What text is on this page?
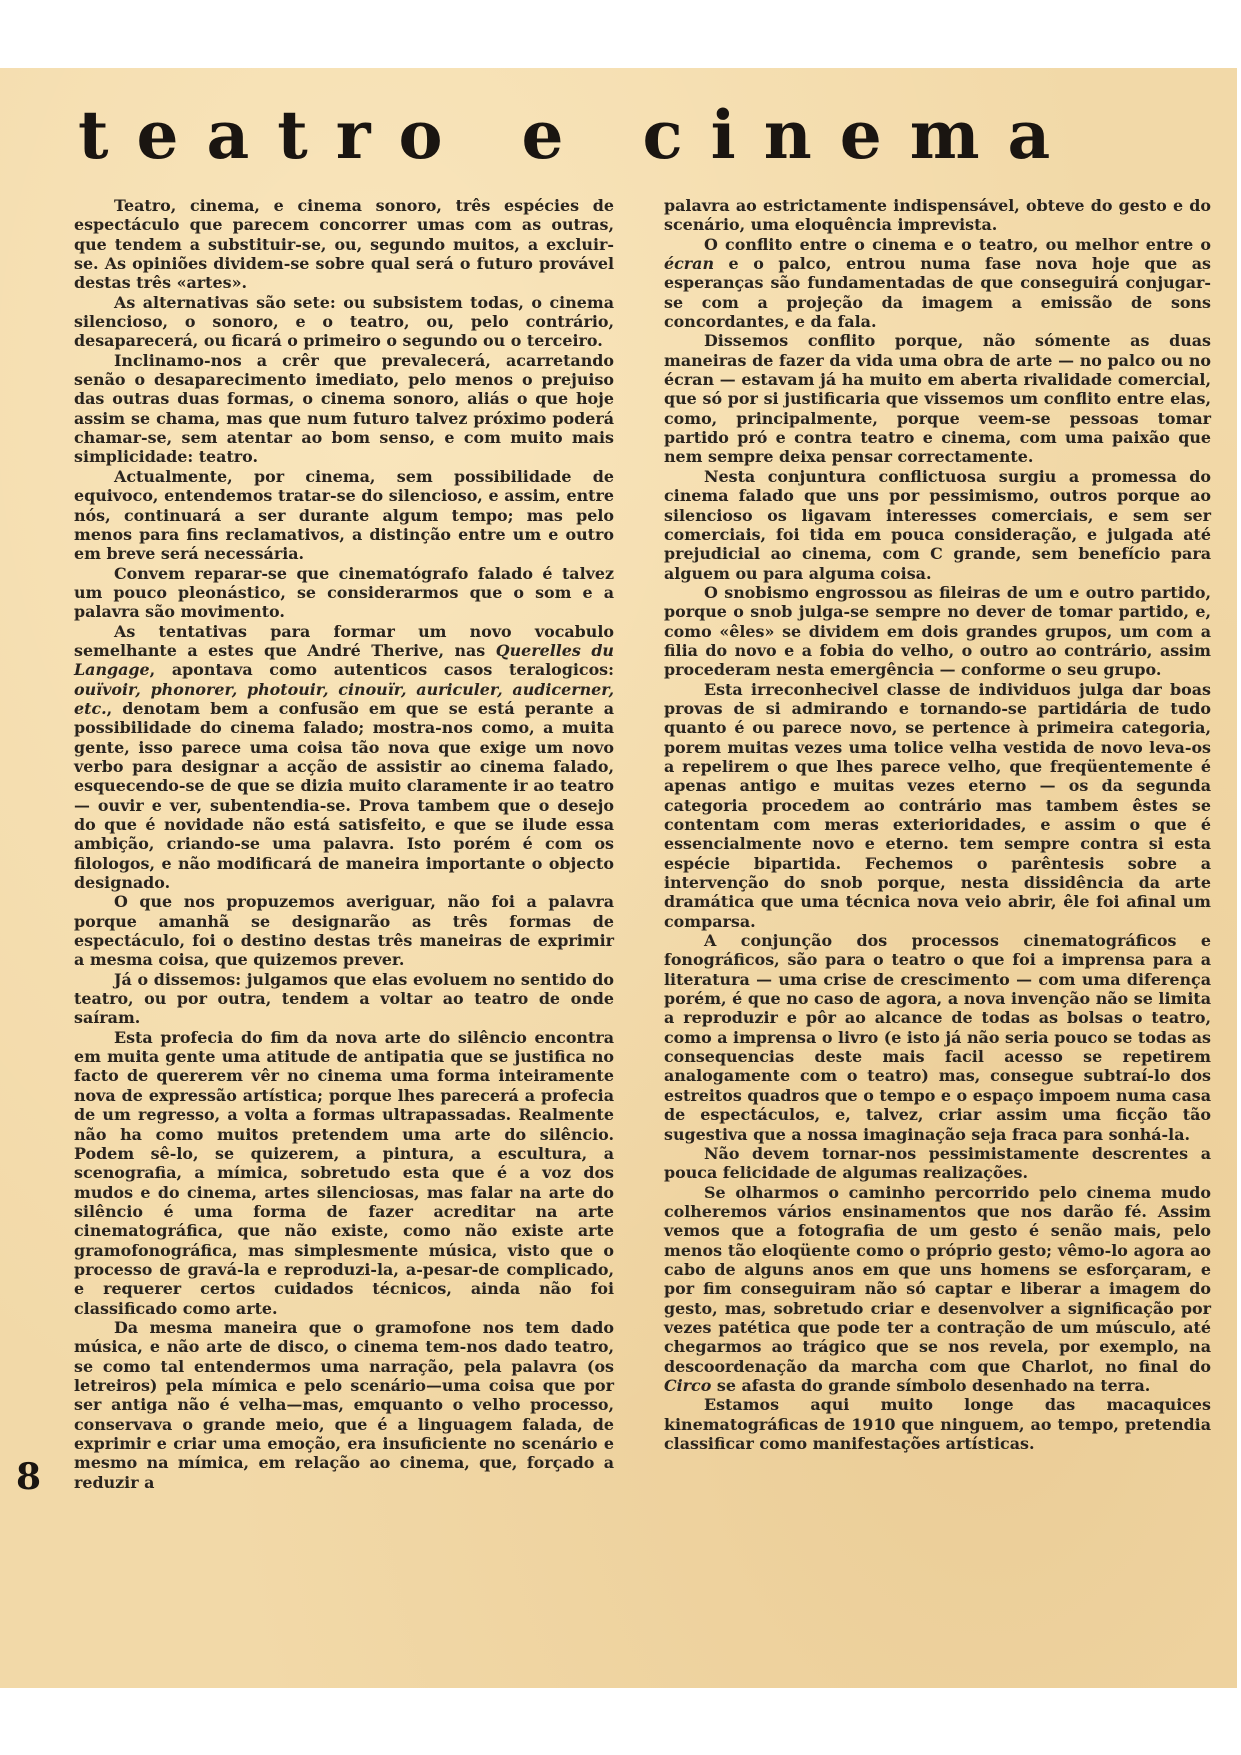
teatro e cinema

Teatro, cinema, e cinema sonoro, três espécies de espectáculo que parecem concorrer umas com as outras, que tendem a substituir-se, ou, segundo muitos, a excluir-se. As opiniões dividem-se sobre qual será o futuro provável destas três «artes».

As alternativas são sete: ou subsistem todas, o cinema silencioso, o sonoro, e o teatro, ou, pelo contrário, desaparecerá, ou ficará o primeiro o segundo ou o terceiro.

Inclinamo-nos a crêr que prevalecerá, acarretando senão o desaparecimento imediato, pelo menos o prejuiso das outras duas formas, o cinema sonoro, aliás o que hoje assim se chama, mas que num futuro talvez próximo poderá chamar-se, sem atentar ao bom senso, e com muito mais simplicidade: teatro.

Actualmente, por cinema, sem possibilidade de equivoco, entendemos tratar-se do silencioso, e assim, entre nós, continuará a ser durante algum tempo; mas pelo menos para fins reclamativos, a distinção entre um e outro em breve será necessária.

Convem reparar-se que cinematógrafo falado é talvez um pouco pleonástico, se considerarmos que o som e a palavra são movimento.

As tentativas para formar um novo vocabulo semelhante a estes que André Therive, nas Querelles du Langage, apontava como autenticos casos teralogicos: ouïvoir, phonorer, photouir, cinouïr, auriculer, audicerner, etc., denotam bem a confusão em que se está perante a possibilidade do cinema falado; mostra-nos como, a muita gente, isso parece uma coisa tão nova que exige um novo verbo para designar a acção de assistir ao cinema falado, esquecendo-se de que se dizia muito claramente ir ao teatro — ouvir e ver, subentendia-se. Prova tambem que o desejo do que é novidade não está satisfeito, e que se ilude essa ambição, criando-se uma palavra. Isto porém é com os filologos, e não modificará de maneira importante o objecto designado.

O que nos propuzemos averiguar, não foi a palavra porque amanhã se designarão as três formas de espectáculo, foi o destino destas três maneiras de exprimir a mesma coisa, que quizemos prever.

Já o dissemos: julgamos que elas evoluem no sentido do teatro, ou por outra, tendem a voltar ao teatro de onde saíram.

Esta profecia do fim da nova arte do silêncio encontra em muita gente uma atitude de antipatia que se justifica no facto de quererem vêr no cinema uma forma inteiramente nova de expressão artística; porque lhes parecerá a profecia de um regresso, a volta a formas ultrapassadas. Realmente não ha como muitos pretendem uma arte do silêncio. Podem sê-lo, se quizerem, a pintura, a escultura, a scenografia, a mímica, sobretudo esta que é a voz dos mudos e do cinema, artes silenciosas, mas falar na arte do silêncio é uma forma de fazer acreditar na arte cinematográfica, que não existe, como não existe arte gramofonográfica, mas simplesmente música, visto que o processo de gravá-la e reproduzi-la, a-pesar-de complicado, e requerer certos cuidados técnicos, ainda não foi classificado como arte.

Da mesma maneira que o gramofone nos tem dado música, e não arte de disco, o cinema tem-nos dado teatro, se como tal entendermos uma narração, pela palavra (os letreiros) pela mímica e pelo scenário—uma coisa que por ser antiga não é velha—mas, emquanto o velho processo, conservava o grande meio, que é a linguagem falada, de exprimir e criar uma emoção, era insuficiente no scenário e mesmo na mímica, em relação ao cinema, que, forçado a reduzir a

palavra ao estrictamente indispensável, obteve do gesto e do scenário, uma eloquência imprevista.

O conflito entre o cinema e o teatro, ou melhor entre o écran e o palco, entrou numa fase nova hoje que as esperanças são fundamentadas de que conseguirá conjugar-se com a projeção da imagem a emissão de sons concordantes, e da fala.

Dissemos conflito porque, não sómente as duas maneiras de fazer da vida uma obra de arte — no palco ou no écran — estavam já ha muito em aberta rivalidade comercial, que só por si justificaria que vissemos um conflito entre elas, como, principalmente, porque veem-se pessoas tomar partido pró e contra teatro e cinema, com uma paixão que nem sempre deixa pensar correctamente.

Nesta conjuntura conflictuosa surgiu a promessa do cinema falado que uns por pessimismo, outros porque ao silencioso os ligavam interesses comerciais, e sem ser comerciais, foi tida em pouca consideração, e julgada até prejudicial ao cinema, com C grande, sem benefício para alguem ou para alguma coisa.

O snobismo engrossou as fileiras de um e outro partido, porque o snob julga-se sempre no dever de tomar partido, e, como «êles» se dividem em dois grandes grupos, um com a filia do novo e a fobia do velho, o outro ao contrário, assim procederam nesta emergência — conforme o seu grupo.

Esta irreconhecivel classe de individuos julga dar boas provas de si admirando e tornando-se partidária de tudo quanto é ou parece novo, se pertence à primeira categoria, porem muitas vezes uma tolice velha vestida de novo leva-os a repelirem o que lhes parece velho, que freqüentemente é apenas antigo e muitas vezes eterno — os da segunda categoria procedem ao contrário mas tambem êstes se contentam com meras exterioridades, e assim o que é essencialmente novo e eterno. tem sempre contra si esta espécie bipartida. Fechemos o parêntesis sobre a intervenção do snob porque, nesta dissidência da arte dramática que uma técnica nova veio abrir, êle foi afinal um comparsa.

A conjunção dos processos cinematográficos e fonográficos, são para o teatro o que foi a imprensa para a literatura — uma crise de crescimento — com uma diferença porém, é que no caso de agora, a nova invenção não se limita a reproduzir e pôr ao alcance de todas as bolsas o teatro, como a imprensa o livro (e isto já não seria pouco se todas as consequencias deste mais facil acesso se repetirem analogamente com o teatro) mas, consegue subtraí-lo dos estreitos quadros que o tempo e o espaço impoem numa casa de espectáculos, e, talvez, criar assim uma ficção tão sugestiva que a nossa imaginação seja fraca para sonhá-la.

Não devem tornar-nos pessimistamente descrentes a pouca felicidade de algumas realizações.

Se olharmos o caminho percorrido pelo cinema mudo colheremos vários ensinamentos que nos darão fé. Assim vemos que a fotografia de um gesto é senão mais, pelo menos tão eloqüente como o próprio gesto; vêmo-lo agora ao cabo de alguns anos em que uns homens se esforçaram, e por fim conseguiram não só captar e liberar a imagem do gesto, mas, sobretudo criar e desenvolver a significação por vezes patética que pode ter a contração de um músculo, até chegarmos ao trágico que se nos revela, por exemplo, na descoordenação da marcha com que Charlot, no final do Circo se afasta do grande símbolo desenhado na terra.

Estamos aqui muito longe das macaquices kinematográficas de 1910 que ninguem, ao tempo, pretendia classificar como manifestações artísticas.

8
